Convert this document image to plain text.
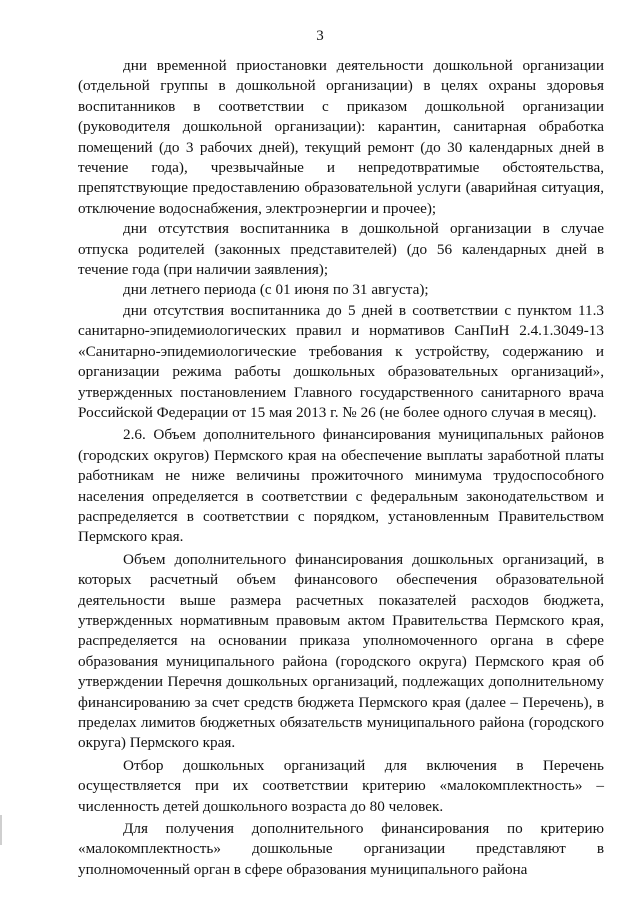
3

дни временной приостановки деятельности дошкольной организации (отдельной группы в дошкольной организации) в целях охраны здоровья воспитанников в соответствии с приказом дошкольной организации (руководителя дошкольной организации): карантин, санитарная обработка помещений (до 3 рабочих дней), текущий ремонт (до 30 календарных дней в течение года), чрезвычайные и непредотвратимые обстоятельства, препятствующие предоставлению образовательной услуги (аварийная ситуация, отключение водоснабжения, электроэнергии и прочее);

дни отсутствия воспитанника в дошкольной организации в случае отпуска родителей (законных представителей) (до 56 календарных дней в течение года (при наличии заявления);

дни летнего периода (с 01 июня по 31 августа);

дни отсутствия воспитанника до 5 дней в соответствии с пунктом 11.3 санитарно-эпидемиологических правил и нормативов СанПиН 2.4.1.3049-13 «Санитарно-эпидемиологические требования к устройству, содержанию и организации режима работы дошкольных образовательных организаций», утвержденных постановлением Главного государственного санитарного врача Российской Федерации от 15 мая 2013 г. № 26 (не более одного случая в месяц).

2.6. Объем дополнительного финансирования муниципальных районов (городских округов) Пермского края на обеспечение выплаты заработной платы работникам не ниже величины прожиточного минимума трудоспособного населения определяется в соответствии с федеральным законодательством и распределяется в соответствии с порядком, установленным Правительством Пермского края.

Объем дополнительного финансирования дошкольных организаций, в которых расчетный объем финансового обеспечения образовательной деятельности выше размера расчетных показателей расходов бюджета, утвержденных нормативным правовым актом Правительства Пермского края, распределяется на основании приказа уполномоченного органа в сфере образования муниципального района (городского округа) Пермского края об утверждении Перечня дошкольных организаций, подлежащих дополнительному финансированию за счет средств бюджета Пермского края (далее – Перечень), в пределах лимитов бюджетных обязательств муниципального района (городского округа) Пермского края.

Отбор дошкольных организаций для включения в Перечень осуществляется при их соответствии критерию «малокомплектность» – численность детей дошкольного возраста до 80 человек.

Для получения дополнительного финансирования по критерию «малокомплектность» дошкольные организации представляют в уполномоченный орган в сфере образования муниципального района
